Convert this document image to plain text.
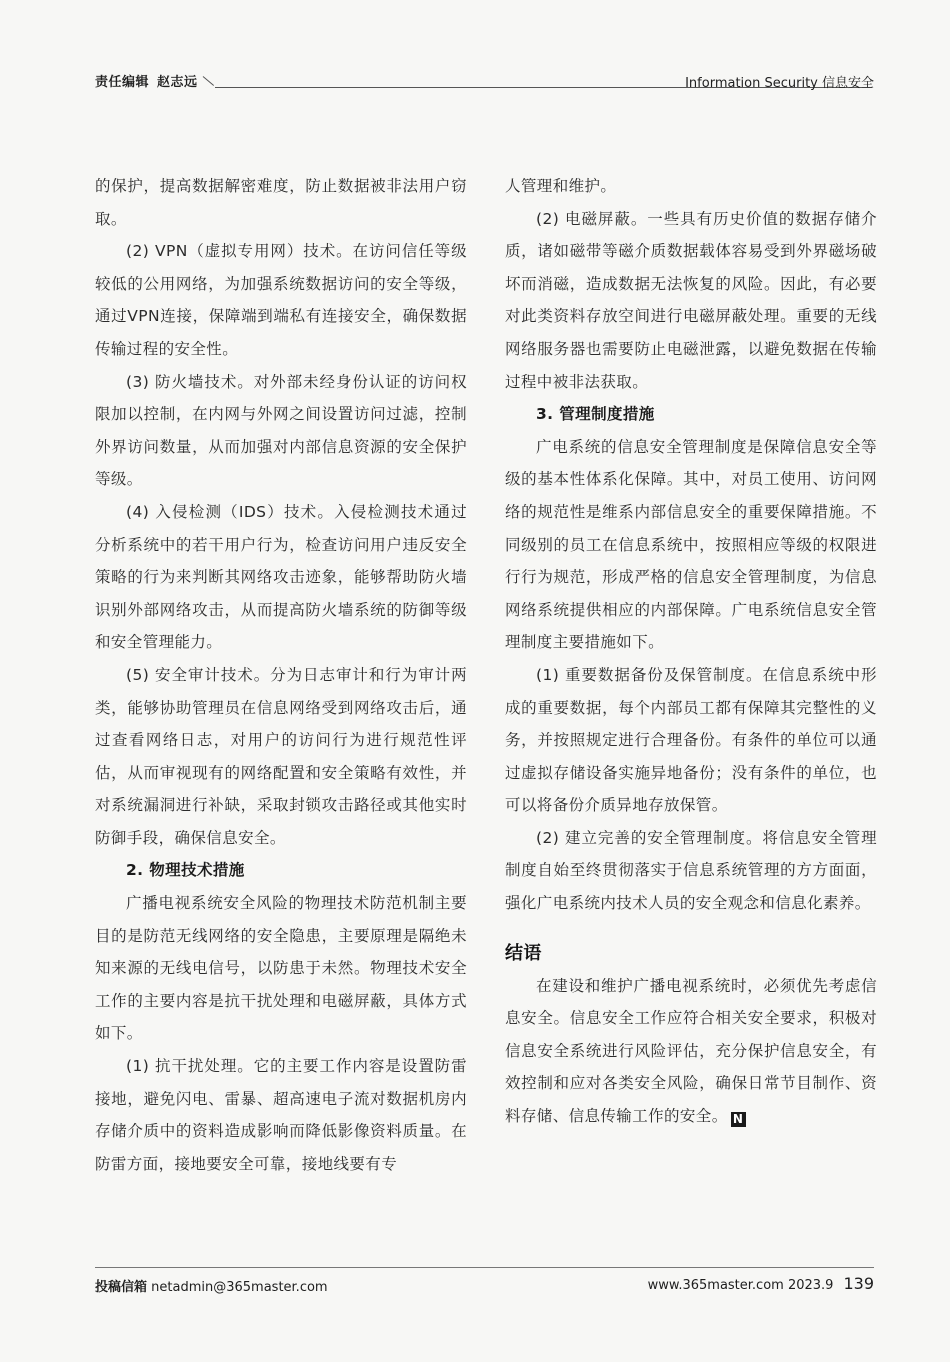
责任编辑 赵志远	Information Security 信息安全

的保护，提高数据解密难度，防止数据被非法用户窃取。

(2) VPN（虚拟专用网）技术。在访问信任等级较低的公用网络，为加强系统数据访问的安全等级，通过VPN连接，保障端到端私有连接安全，确保数据传输过程的安全性。

(3) 防火墙技术。对外部未经身份认证的访问权限加以控制，在内网与外网之间设置访问过滤，控制外界访问数量，从而加强对内部信息资源的安全保护等级。

(4) 入侵检测（IDS）技术。入侵检测技术通过分析系统中的若干用户行为，检查访问用户违反安全策略的行为来判断其网络攻击迹象，能够帮助防火墙识别外部网络攻击，从而提高防火墙系统的防御等级和安全管理能力。

(5) 安全审计技术。分为日志审计和行为审计两类，能够协助管理员在信息网络受到网络攻击后，通过查看网络日志，对用户的访问行为进行规范性评估，从而审视现有的网络配置和安全策略有效性，并对系统漏洞进行补缺，采取封锁攻击路径或其他实时防御手段，确保信息安全。

2. 物理技术措施

广播电视系统安全风险的物理技术防范机制主要目的是防范无线网络的安全隐患，主要原理是隔绝未知来源的无线电信号，以防患于未然。物理技术安全工作的主要内容是抗干扰处理和电磁屏蔽，具体方式如下。

(1) 抗干扰处理。它的主要工作内容是设置防雷接地，避免闪电、雷暴、超高速电子流对数据机房内存储介质中的资料造成影响而降低影像资料质量。在防雷方面，接地要安全可靠，接地线要有专

人管理和维护。

(2) 电磁屏蔽。一些具有历史价值的数据存储介质，诸如磁带等磁介质数据载体容易受到外界磁场破坏而消磁，造成数据无法恢复的风险。因此，有必要对此类资料存放空间进行电磁屏蔽处理。重要的无线网络服务器也需要防止电磁泄露，以避免数据在传输过程中被非法获取。

3. 管理制度措施

广电系统的信息安全管理制度是保障信息安全等级的基本性体系化保障。其中，对员工使用、访问网络的规范性是维系内部信息安全的重要保障措施。不同级别的员工在信息系统中，按照相应等级的权限进行行为规范，形成严格的信息安全管理制度，为信息网络系统提供相应的内部保障。广电系统信息安全管理制度主要措施如下。

(1) 重要数据备份及保管制度。在信息系统中形成的重要数据，每个内部员工都有保障其完整性的义务，并按照规定进行合理备份。有条件的单位可以通过虚拟存储设备实施异地备份；没有条件的单位，也可以将备份介质异地存放保管。

(2) 建立完善的安全管理制度。将信息安全管理制度自始至终贯彻落实于信息系统管理的方方面面，强化广电系统内技术人员的安全观念和信息化素养。

结语

在建设和维护广播电视系统时，必须优先考虑信息安全。信息安全工作应符合相关安全要求，积极对信息安全系统进行风险评估，充分保护信息安全，有效控制和应对各类安全风险，确保日常节目制作、资料存储、信息传输工作的安全。 N

投稿信箱 netadmin@365master.com	www.365master.com 2023.9 139
